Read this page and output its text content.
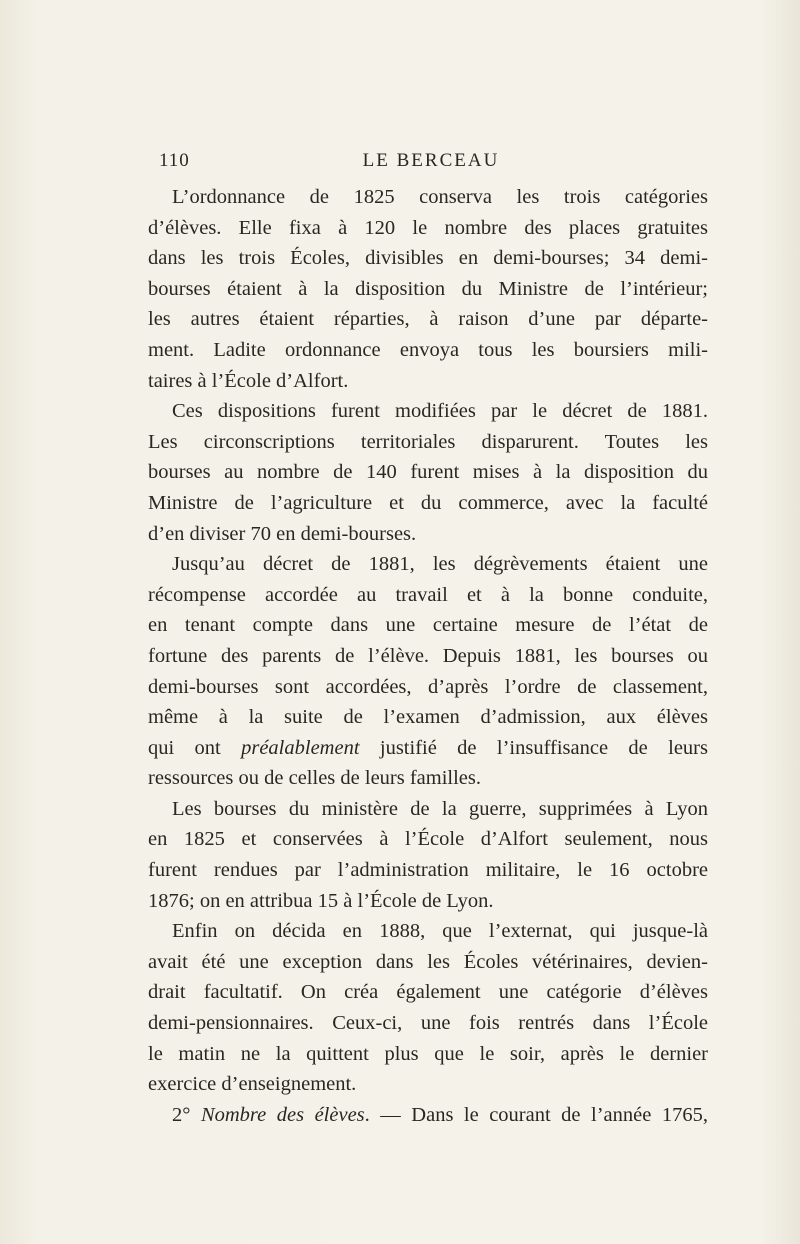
110	LE BERCEAU
L’ordonnance de 1825 conserva les trois catégories
d’élèves. Elle fixa à 120 le nombre des places gratuites
dans les trois Écoles, divisibles en demi-bourses; 34 demi-
bourses étaient à la disposition du Ministre de l’intérieur;
les autres étaient réparties, à raison d’une par départe-
ment. Ladite ordonnance envoya tous les boursiers mili-
taires à l’École d’Alfort.
Ces dispositions furent modifiées par le décret de 1881.
Les circonscriptions territoriales disparurent. Toutes les
bourses au nombre de 140 furent mises à la disposition du
Ministre de l’agriculture et du commerce, avec la faculté
d’en diviser 70 en demi-bourses.
Jusqu’au décret de 1881, les dégrèvements étaient une
récompense accordée au travail et à la bonne conduite,
en tenant compte dans une certaine mesure de l’état de
fortune des parents de l’élève. Depuis 1881, les bourses ou
demi-bourses sont accordées, d’après l’ordre de classement,
même à la suite de l’examen d’admission, aux élèves
qui ont préalablement justifié de l’insuffisance de leurs
ressources ou de celles de leurs familles.
Les bourses du ministère de la guerre, supprimées à Lyon
en 1825 et conservées à l’École d’Alfort seulement, nous
furent rendues par l’administration militaire, le 16 octobre
1876; on en attribua 15 à l’École de Lyon.
Enfin on décida en 1888, que l’externat, qui jusque-là
avait été une exception dans les Écoles vétérinaires, devien-
drait facultatif. On créa également une catégorie d’élèves
demi-pensionnaires. Ceux-ci, une fois rentrés dans l’École
le matin ne la quittent plus que le soir, après le dernier
exercice d’enseignement.
2° Nombre des élèves. — Dans le courant de l’année 1765,
